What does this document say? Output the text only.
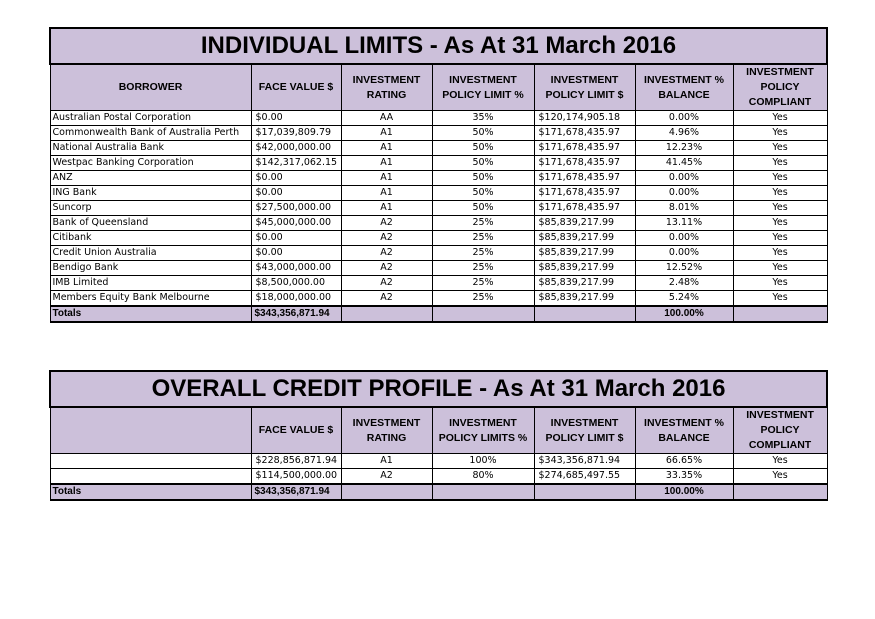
INDIVIDUAL LIMITS - As At 31 March 2016						
BORROWER	FACE VALUE $	INVESTMENT RATING	INVESTMENT POLICY LIMIT %	INVESTMENT POLICY LIMIT $	INVESTMENT % BALANCE	INVESTMENT POLICY COMPLIANT
Australian Postal Corporation	$0.00	AA	35%	$120,174,905.18	0.00%	Yes
Commonwealth Bank of Australia Perth	$17,039,809.79	A1	50%	$171,678,435.97	4.96%	Yes
National Australia Bank	$42,000,000.00	A1	50%	$171,678,435.97	12.23%	Yes
Westpac Banking Corporation	$142,317,062.15	A1	50%	$171,678,435.97	41.45%	Yes
ANZ	$0.00	A1	50%	$171,678,435.97	0.00%	Yes
ING Bank	$0.00	A1	50%	$171,678,435.97	0.00%	Yes
Suncorp	$27,500,000.00	A1	50%	$171,678,435.97	8.01%	Yes
Bank of Queensland	$45,000,000.00	A2	25%	$85,839,217.99	13.11%	Yes
Citibank	$0.00	A2	25%	$85,839,217.99	0.00%	Yes
Credit Union Australia	$0.00	A2	25%	$85,839,217.99	0.00%	Yes
Bendigo Bank	$43,000,000.00	A2	25%	$85,839,217.99	12.52%	Yes
IMB Limited	$8,500,000.00	A2	25%	$85,839,217.99	2.48%	Yes
Members Equity Bank Melbourne	$18,000,000.00	A2	25%	$85,839,217.99	5.24%	Yes
Totals	$343,356,871.94				100.00%	
OVERALL CREDIT PROFILE - As At 31 March 2016						
	FACE VALUE $	INVESTMENT RATING	INVESTMENT POLICY LIMITS %	INVESTMENT POLICY LIMIT $	INVESTMENT % BALANCE	INVESTMENT POLICY COMPLIANT
	$228,856,871.94	A1	100%	$343,356,871.94	66.65%	Yes
	$114,500,000.00	A2	80%	$274,685,497.55	33.35%	Yes
Totals	$343,356,871.94				100.00%	
